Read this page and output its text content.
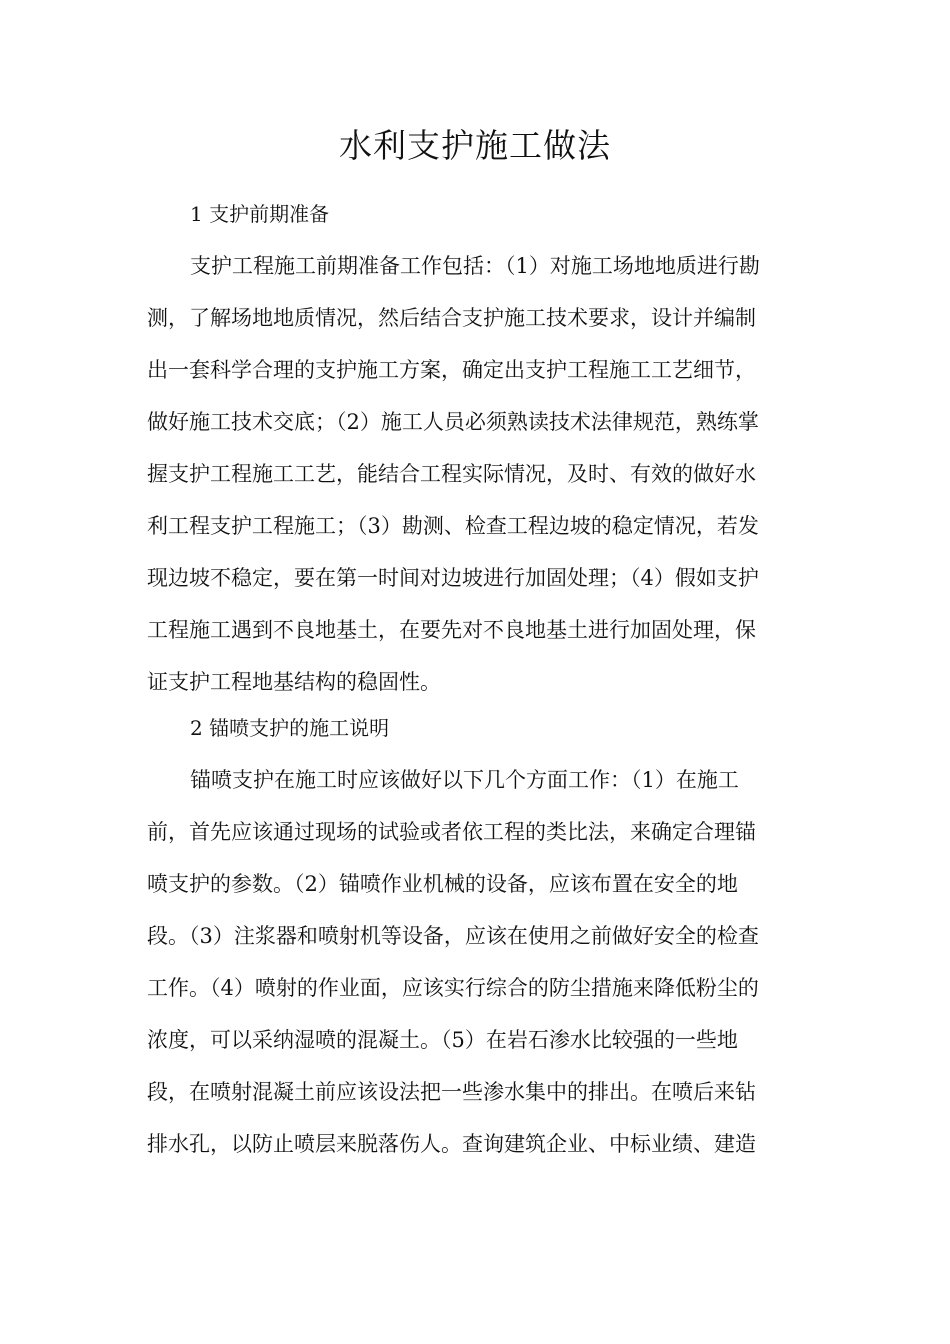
水利支护施工做法
1 支护前期准备
支护工程施工前期准备工作包括：（1）对施工场地地质进行勘
测，了解场地地质情况，然后结合支护施工技术要求，设计并编制
出一套科学合理的支护施工方案，确定出支护工程施工工艺细节，
做好施工技术交底；（2）施工人员必须熟读技术法律规范，熟练掌
握支护工程施工工艺，能结合工程实际情况，及时、有效的做好水
利工程支护工程施工；（3）勘测、检查工程边坡的稳定情况，若发
现边坡不稳定，要在第一时间对边坡进行加固处理；（4）假如支护
工程施工遇到不良地基土，在要先对不良地基土进行加固处理，保
证支护工程地基结构的稳固性。
2 锚喷支护的施工说明
锚喷支护在施工时应该做好以下几个方面工作：（1）在施工
前，首先应该通过现场的试验或者依工程的类比法，来确定合理锚
喷支护的参数。（2）锚喷作业机械的设备，应该布置在安全的地
段。（3）注浆器和喷射机等设备，应该在使用之前做好安全的检查
工作。（4）喷射的作业面，应该实行综合的防尘措施来降低粉尘的
浓度，可以采纳湿喷的混凝土。（5）在岩石渗水比较强的一些地
段，在喷射混凝土前应该设法把一些渗水集中的排出。在喷后来钻
排水孔，以防止喷层来脱落伤人。查询建筑企业、中标业绩、建造
